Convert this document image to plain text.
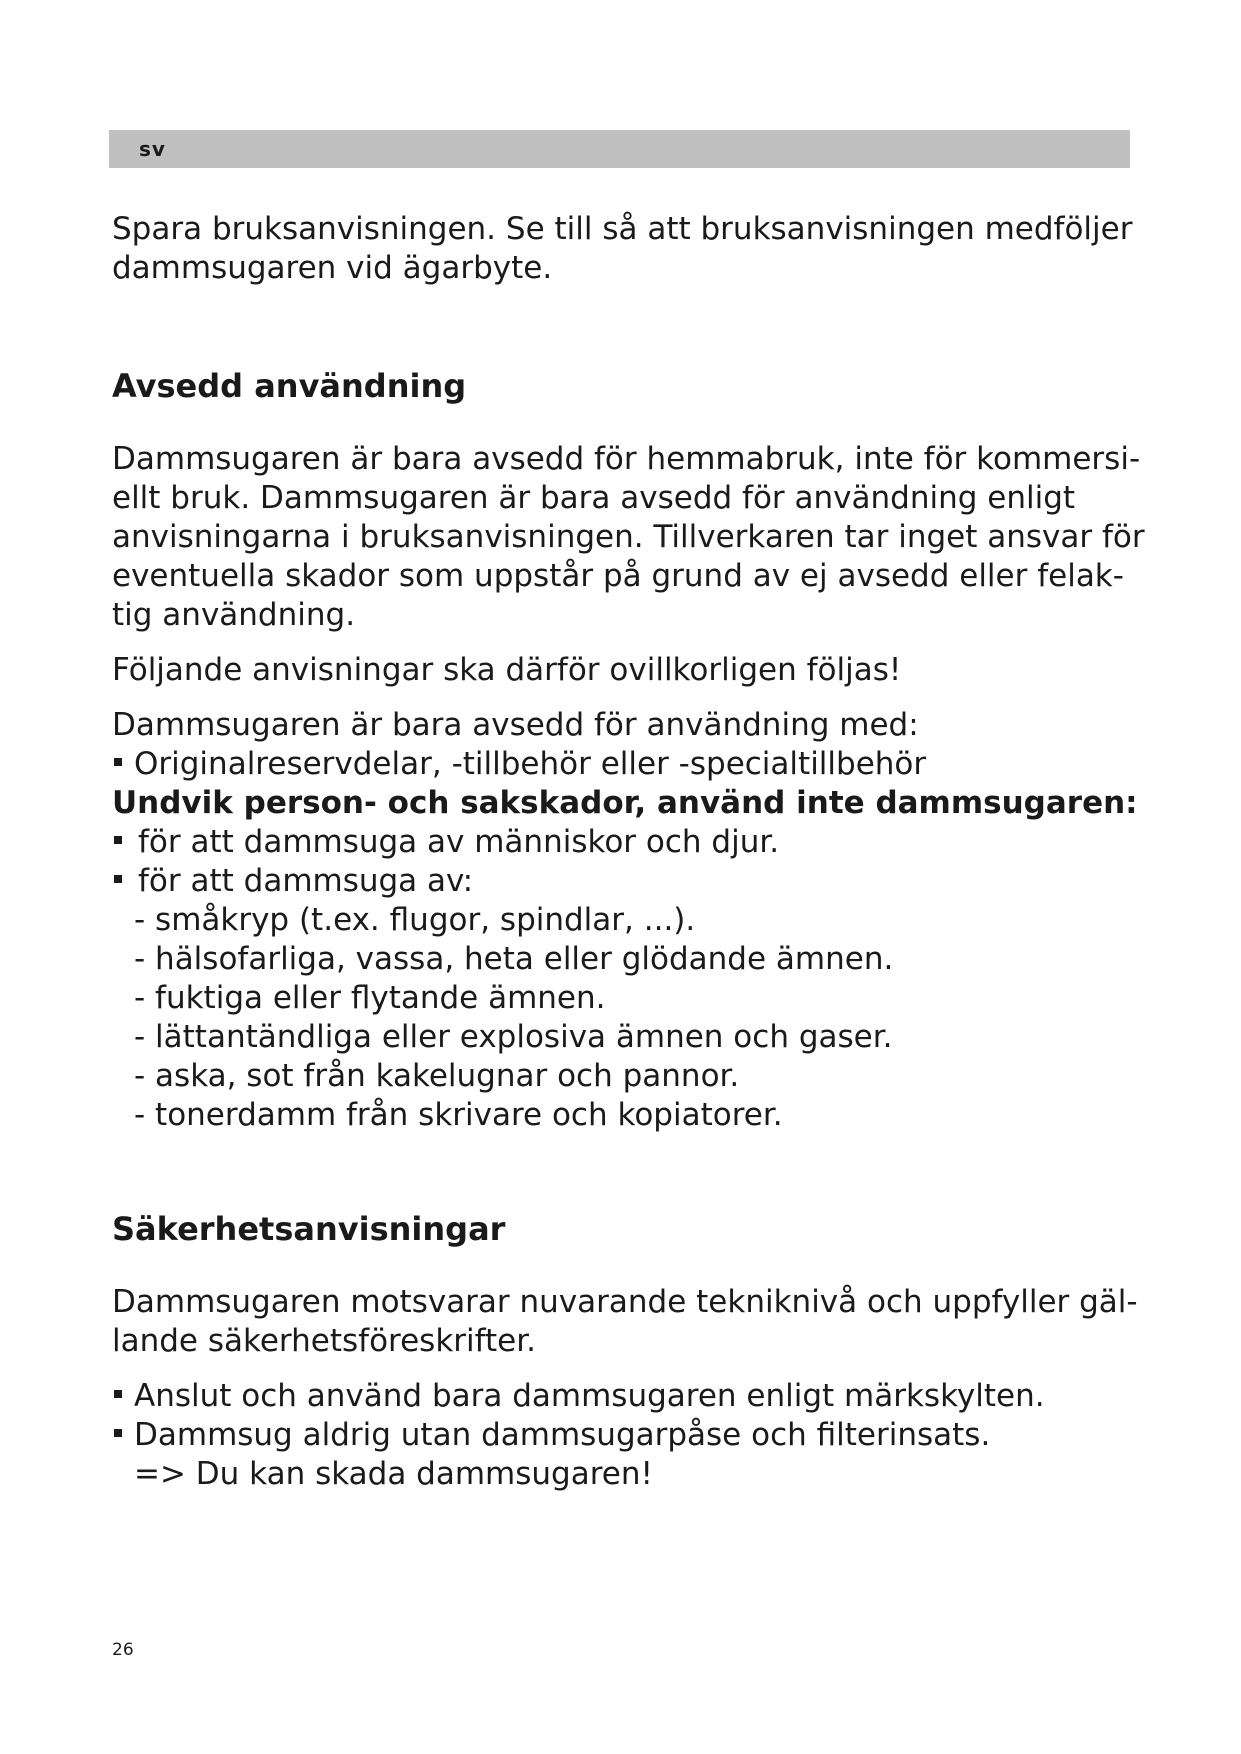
sv

Spara bruksanvisningen. Se till så att bruksanvisningen medföljer

dammsugaren vid ägarbyte.

Avsedd användning

Dammsugaren är bara avsedd för hemmabruk, inte för kommersi-

ellt bruk. Dammsugaren är bara avsedd för användning enligt

anvisningarna i bruksanvisningen. Tillverkaren tar inget ansvar för

eventuella skador som uppstår på grund av ej avsedd eller felak-

tig användning.

Följande anvisningar ska därför ovillkorligen följas!

Dammsugaren är bara avsedd för användning med:

Originalreservdelar, -tillbehör eller -specialtillbehör

Undvik person- och sakskador, använd inte dammsugaren:

för att dammsuga av människor och djur.
för att dammsuga av:

- småkryp (t.ex. flugor, spindlar, ...).

- hälsofarliga, vassa, heta eller glödande ämnen.

- fuktiga eller flytande ämnen.

- lättantändliga eller explosiva ämnen och gaser.

- aska, sot från kakelugnar och pannor.

- tonerdamm från skrivare och kopiatorer.

Säkerhetsanvisningar

Dammsugaren motsvarar nuvarande tekniknivå och uppfyller gäl-

lande säkerhetsföreskrifter.

Anslut och använd bara dammsugaren enligt märkskylten.
Dammsug aldrig utan dammsugarpåse och filterinsats.

=> Du kan skada dammsugaren!

26
